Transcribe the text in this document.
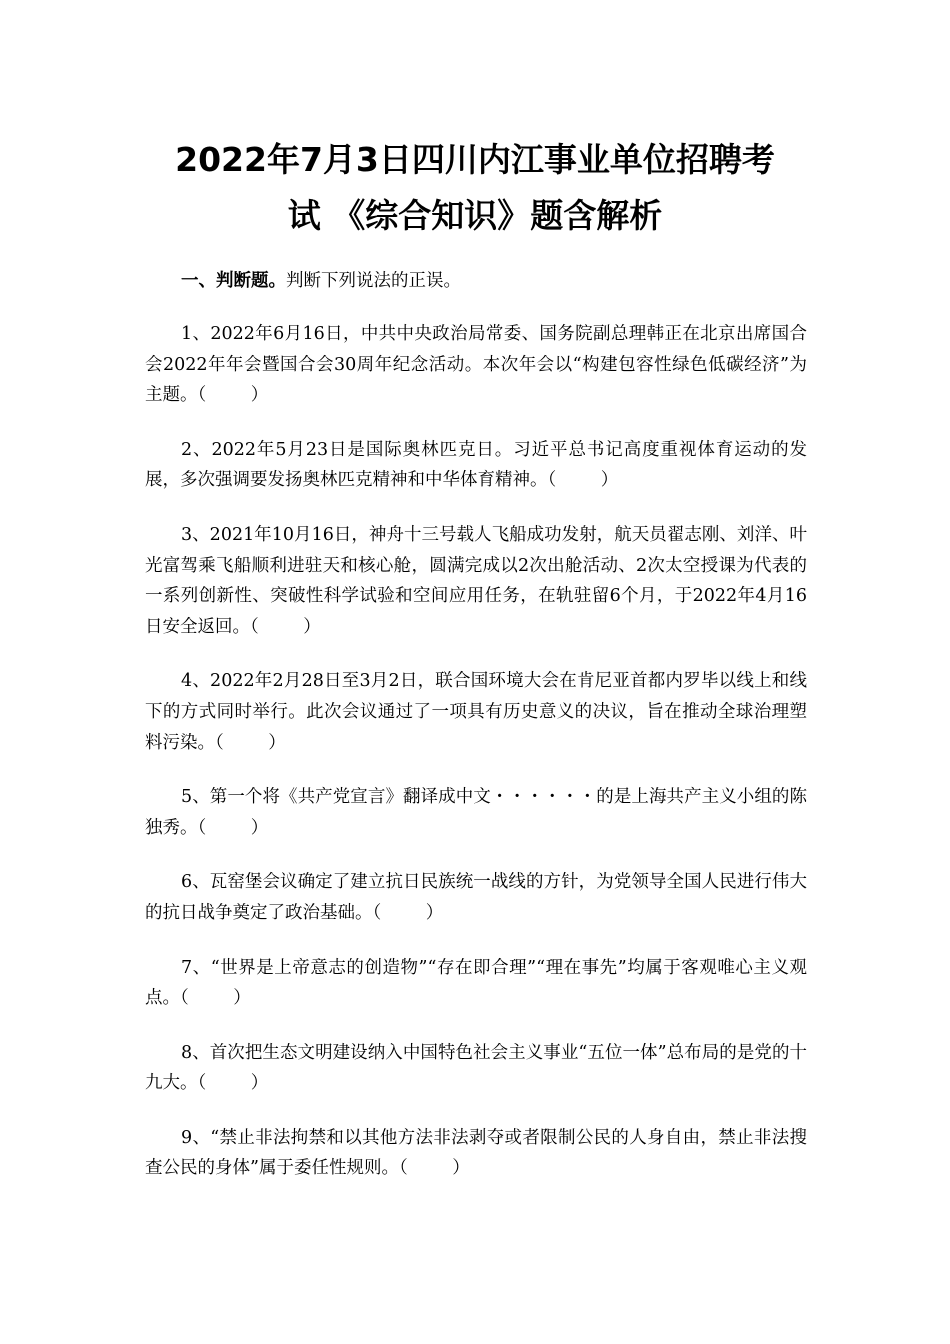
2022年7月3日四川内江事业单位招聘考
试 《综合知识》题含解析

一、判断题。判断下列说法的正误。

1、2022年6月16日，中共中央政治局常委、国务院副总理韩正在北京出席国合会2022年年会暨国合会30周年纪念活动。本次年会以“构建包容性绿色低碳经济”为主题。（        ）

2、2022年5月23日是国际奥林匹克日。习近平总书记高度重视体育运动的发展，多次强调要发扬奥林匹克精神和中华体育精神。（        ）

3、2021年10月16日，神舟十三号载人飞船成功发射，航天员翟志刚、刘洋、叶光富驾乘飞船顺利进驻天和核心舱，圆满完成以2次出舱活动、2次太空授课为代表的一系列创新性、突破性科学试验和空间应用任务，在轨驻留6个月，于2022年4月16日安全返回。（        ）

4、2022年2月28日至3月2日，联合国环境大会在肯尼亚首都内罗毕以线上和线下的方式同时举行。此次会议通过了一项具有历史意义的决议，旨在推动全球治理塑料污染。（        ）

5、第一个将《共产党宣言》翻译成中文・・・・・・的是上海共产主义小组的陈独秀。（        ）

6、瓦窑堡会议确定了建立抗日民族统一战线的方针，为党领导全国人民进行伟大的抗日战争奠定了政治基础。（        ）

7、“世界是上帝意志的创造物”“存在即合理”“理在事先”均属于客观唯心主义观点。（        ）

8、首次把生态文明建设纳入中国特色社会主义事业“五位一体”总布局的是党的十九大。（        ）

9、“禁止非法拘禁和以其他方法非法剥夺或者限制公民的人身自由，禁止非法搜查公民的身体”属于委任性规则。（        ）
